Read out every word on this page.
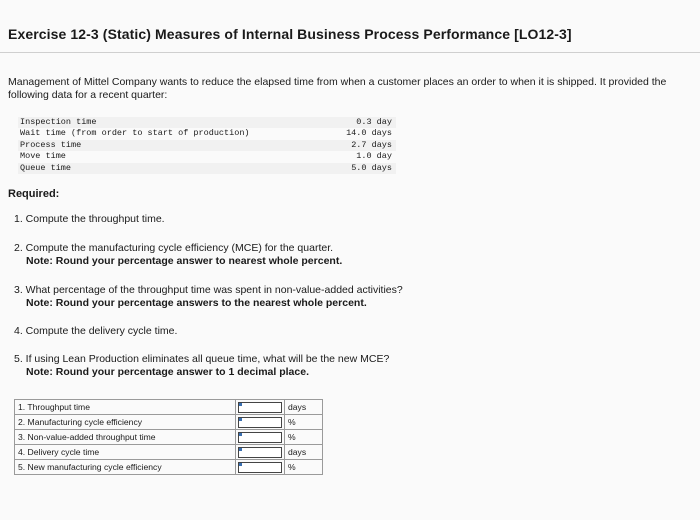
Exercise 12-3 (Static) Measures of Internal Business Process Performance [LO12-3]
Management of Mittel Company wants to reduce the elapsed time from when a customer places an order to when it is shipped. It provided the following data for a recent quarter:
Inspection time	0.3 day
Wait time (from order to start of production)	14.0 days
Process time	2.7 days
Move time	1.0 day
Queue time	5.0 days
Required:
1. Compute the throughput time.
2. Compute the manufacturing cycle efficiency (MCE) for the quarter.
Note: Round your percentage answer to nearest whole percent.
3. What percentage of the throughput time was spent in non-value-added activities?
Note: Round your percentage answers to the nearest whole percent.
4. Compute the delivery cycle time.
5. If using Lean Production eliminates all queue time, what will be the new MCE?
Note: Round your percentage answer to 1 decimal place.
1. Throughput time		days
2. Manufacturing cycle efficiency		%
3. Non-value-added throughput time		%
4. Delivery cycle time		days
5. New manufacturing cycle efficiency		%
